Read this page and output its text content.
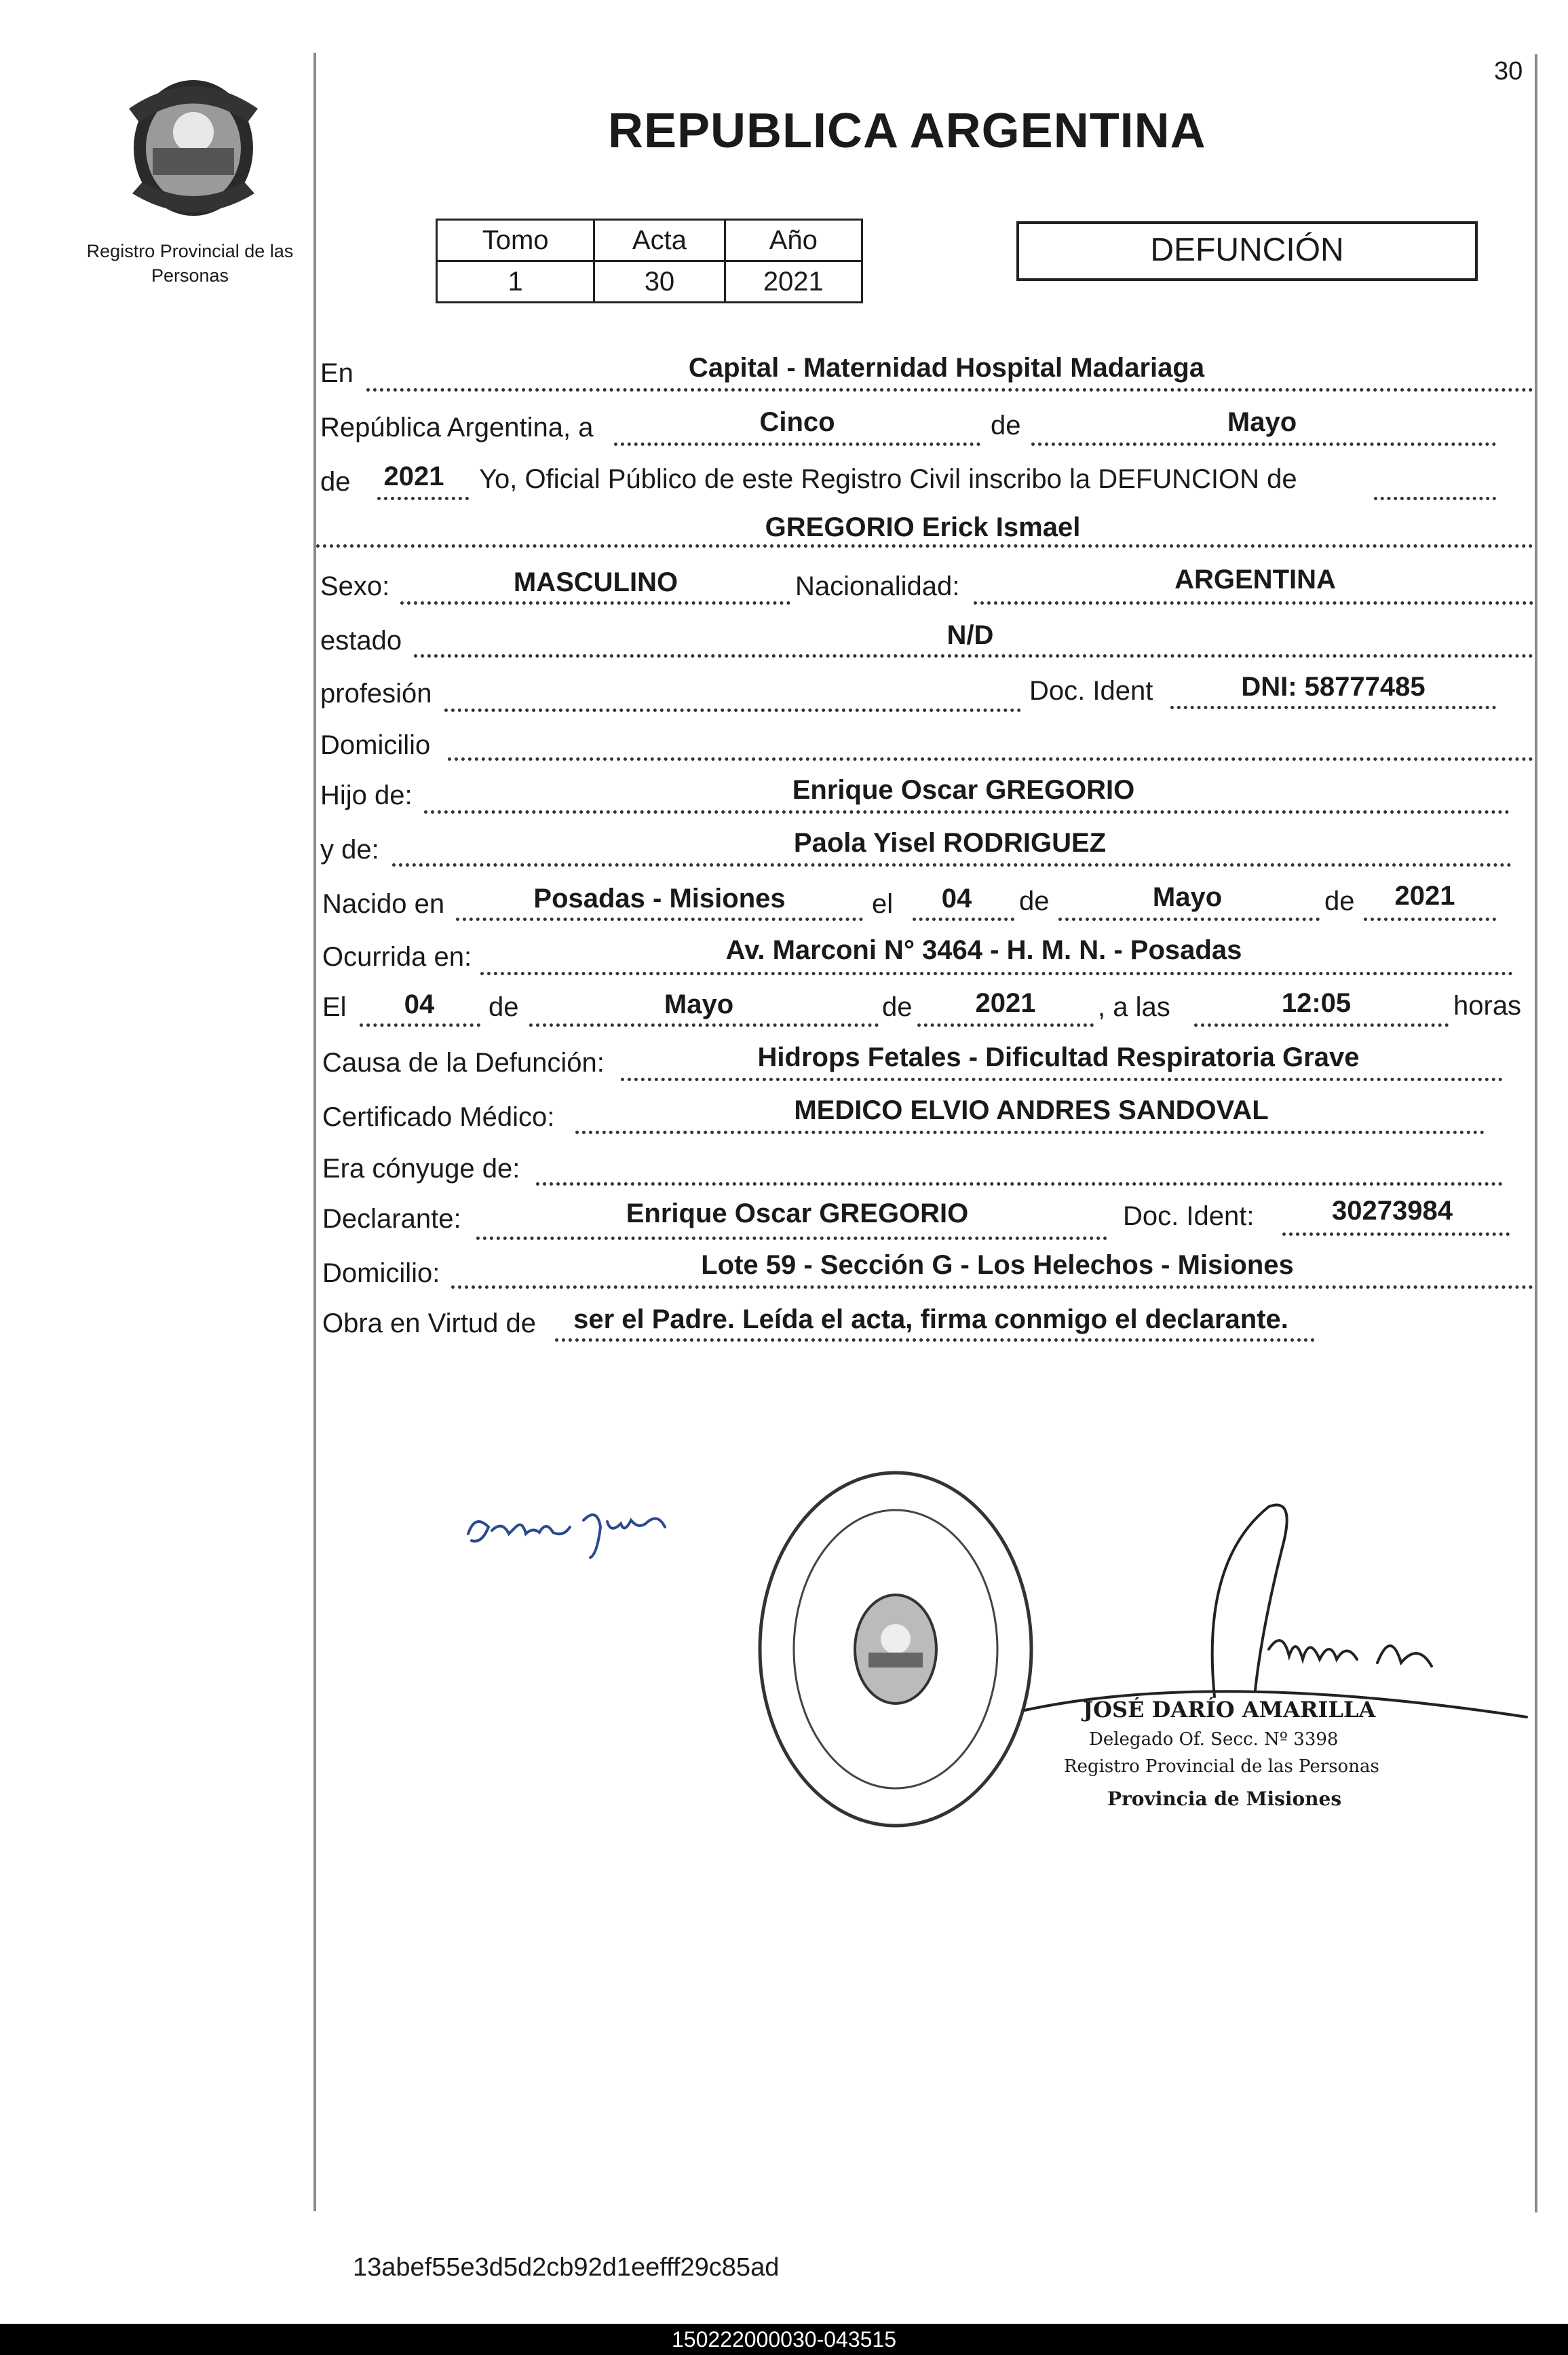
30
Registro Provincial de las Personas
REPUBLICA ARGENTINA
Tomo	Acta	Año
1	30	2021
DEFUNCIÓN
En	Capital - Maternidad Hospital Madariaga
República Argentina, a	Cinco	de	Mayo
de 2021 Yo, Oficial Público de este Registro Civil inscribo la DEFUNCION de
GREGORIO Erick Ismael
Sexo:	MASCULINO	Nacionalidad:	ARGENTINA
estado	N/D
profesión	Doc. Ident	DNI: 58777485
Domicilio
Hijo de:	Enrique Oscar GREGORIO
y de:	Paola Yisel RODRIGUEZ
Nacido en	Posadas - Misiones	el 04 de	Mayo	de 2021
Ocurrida en:	Av. Marconi N° 3464 - H. M. N. - Posadas
El 04 de	Mayo	de 2021 , a las	12:05	horas
Causa de la Defunción:	Hidrops Fetales - Dificultad Respiratoria Grave
Certificado Médico:	MEDICO ELVIO ANDRES SANDOVAL
Era cónyuge de:
Declarante:	Enrique Oscar GREGORIO	Doc. Ident:	30273984
Domicilio:	Lote 59 - Sección G - Los Helechos - Misiones
Obra en Virtud de ser el Padre. Leída el acta, firma conmigo el declarante.
JOSÉ DARÍO AMARILLA
Delegado Of. Secc. Nº 3398
Registro Provincial de las Personas
Provincia de Misiones
13abef55e3d5d2cb92d1eefff29c85ad
150222000030-043515
